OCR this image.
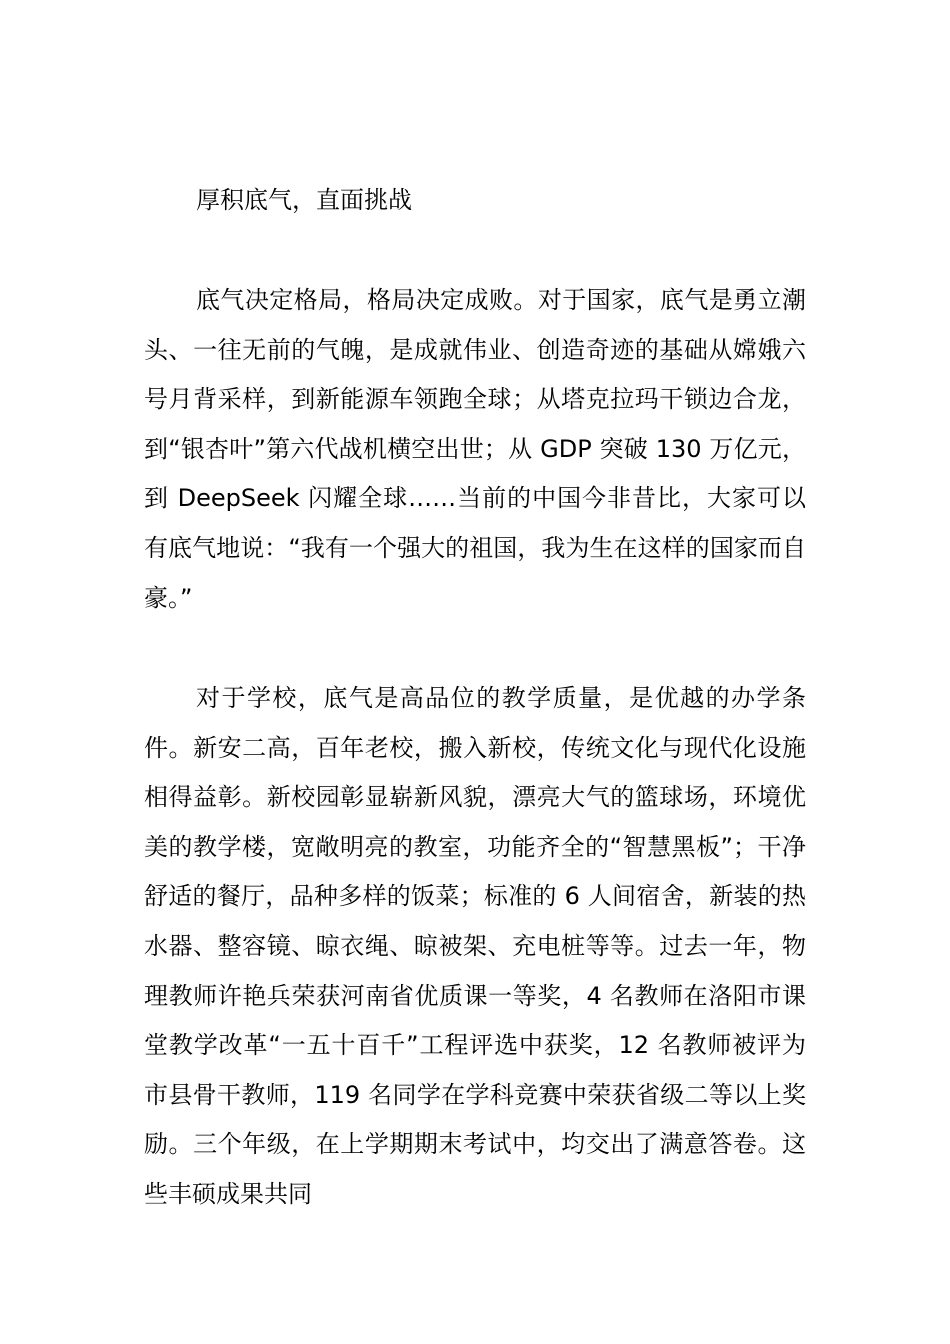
厚积底气，直面挑战

底气决定格局，格局决定成败。对于国家，底气是勇立潮头、一往无前的气魄，是成就伟业、创造奇迹的基础从嫦娥六号月背采样，到新能源车领跑全球；从塔克拉玛干锁边合龙，到“银杏叶”第六代战机横空出世；从 GDP 突破 130 万亿元，到 DeepSeek 闪耀全球……当前的中国今非昔比，大家可以有底气地说：“我有一个强大的祖国，我为生在这样的国家而自豪。”

对于学校，底气是高品位的教学质量，是优越的办学条件。新安二高，百年老校，搬入新校，传统文化与现代化设施相得益彰。新校园彰显崭新风貌，漂亮大气的篮球场，环境优美的教学楼，宽敞明亮的教室，功能齐全的“智慧黑板”；干净舒适的餐厅，品种多样的饭菜；标准的 6 人间宿舍，新装的热水器、整容镜、晾衣绳、晾被架、充电桩等等。过去一年，物理教师许艳兵荣获河南省优质课一等奖，4 名教师在洛阳市课堂教学改革“一五十百千”工程评选中获奖，12 名教师被评为市县骨干教师，119 名同学在学科竞赛中荣获省级二等以上奖励。三个年级，在上学期期末考试中，均交出了满意答卷。这些丰硕成果共同
